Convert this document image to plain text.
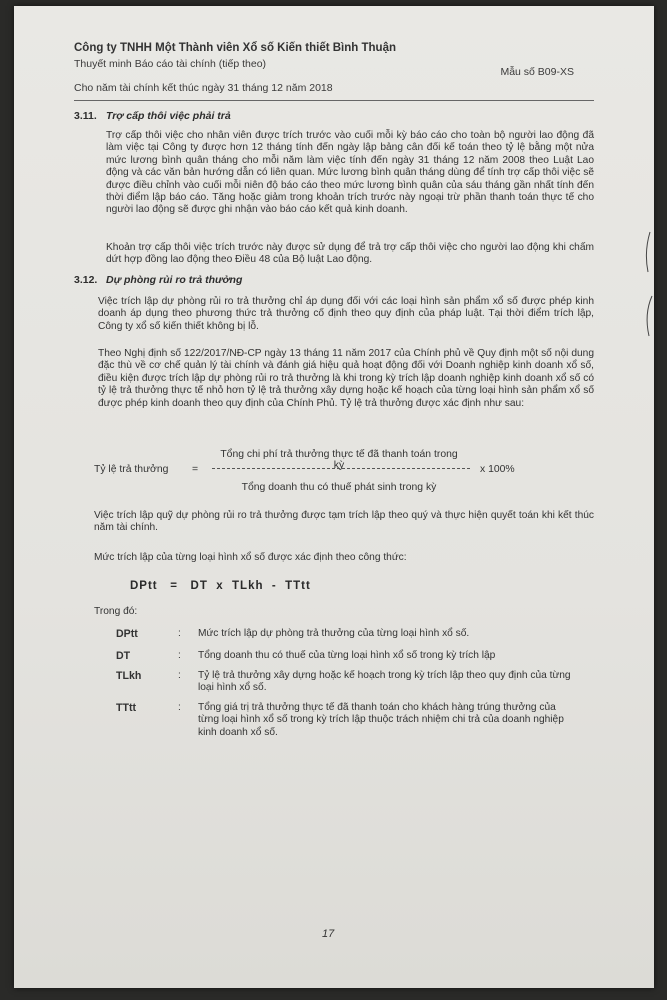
Công ty TNHH Một Thành viên Xổ số Kiến thiết Bình Thuận
Thuyết minh Báo cáo tài chính (tiếp theo)
Cho năm tài chính kết thúc ngày 31 tháng 12 năm 2018
Mẫu số B09-XS
3.11. Trợ cấp thôi việc phải trả
Trợ cấp thôi việc cho nhân viên được trích trước vào cuối mỗi kỳ báo cáo cho toàn bộ người lao động đã làm việc tại Công ty được hơn 12 tháng tính đến ngày lập bảng cân đối kế toán theo tỷ lệ bằng một nửa mức lương bình quân tháng cho mỗi năm làm việc tính đến ngày 31 tháng 12 năm 2008 theo Luật Lao động và các văn bản hướng dẫn có liên quan. Mức lương bình quân tháng dùng để tính trợ cấp thôi việc sẽ được điều chỉnh vào cuối mỗi niên độ báo cáo theo mức lương bình quân của sáu tháng gần nhất tính đến thời điểm lập báo cáo. Tăng hoặc giảm trong khoản trích trước này ngoại trừ phần thanh toán thực tế cho người lao động sẽ được ghi nhận vào báo cáo kết quả kinh doanh.
Khoản trợ cấp thôi việc trích trước này được sử dụng để trả trợ cấp thôi việc cho người lao động khi chấm dứt hợp đồng lao động theo Điều 48 của Bộ luật Lao động.
3.12. Dự phòng rủi ro trả thưởng
Việc trích lập dự phòng rủi ro trả thưởng chỉ áp dụng đối với các loại hình sản phẩm xổ số được phép kinh doanh áp dụng theo phương thức trả thưởng cố định theo quy định của pháp luật. Tại thời điểm trích lập, Công ty xổ số kiến thiết không bị lỗ.
Theo Nghị định số 122/2017/NĐ-CP ngày 13 tháng 11 năm 2017 của Chính phủ về Quy định một số nội dung đặc thù về cơ chế quản lý tài chính và đánh giá hiệu quả hoạt động đối với Doanh nghiệp kinh doanh xổ số, điều kiện được trích lập dự phòng rủi ro trả thưởng là khi trong kỳ trích lập doanh nghiệp kinh doanh xổ số có tỷ lệ trả thưởng thực tế nhỏ hơn tỷ lệ trả thưởng xây dựng hoặc kế hoạch của từng loại hình sản phẩm xổ số được phép kinh doanh theo quy định của Chính Phủ. Tỷ lệ trả thưởng được xác định như sau:
Tỷ lệ trả thưởng =
Tổng chi phí trả thưởng thực tế đã thanh toán trong kỳ
Tổng doanh thu có thuế phát sinh trong kỳ
x 100%
Việc trích lập quỹ dự phòng rủi ro trả thưởng được tạm trích lập theo quý và thực hiện quyết toán khi kết thúc năm tài chính.
Mức trích lập của từng loại hình xổ số được xác định theo công thức:
DPtt   =   DT  x  TLkh  -  TTtt
Trong đó:
DPtt	: Mức trích lập dự phòng trả thưởng của từng loại hình xổ số.
DT	: Tổng doanh thu có thuế của từng loại hình xổ số trong kỳ trích lập
TLkh	: Tỷ lệ trả thưởng xây dựng hoặc kế hoạch trong kỳ trích lập theo quy định của từng loại hình xổ số.
TTtt	: Tổng giá trị trả thưởng thực tế đã thanh toán cho khách hàng trúng thưởng của từng loại hình xổ số trong kỳ trích lập thuộc trách nhiệm chi trả của doanh nghiệp kinh doanh xổ số.
17
